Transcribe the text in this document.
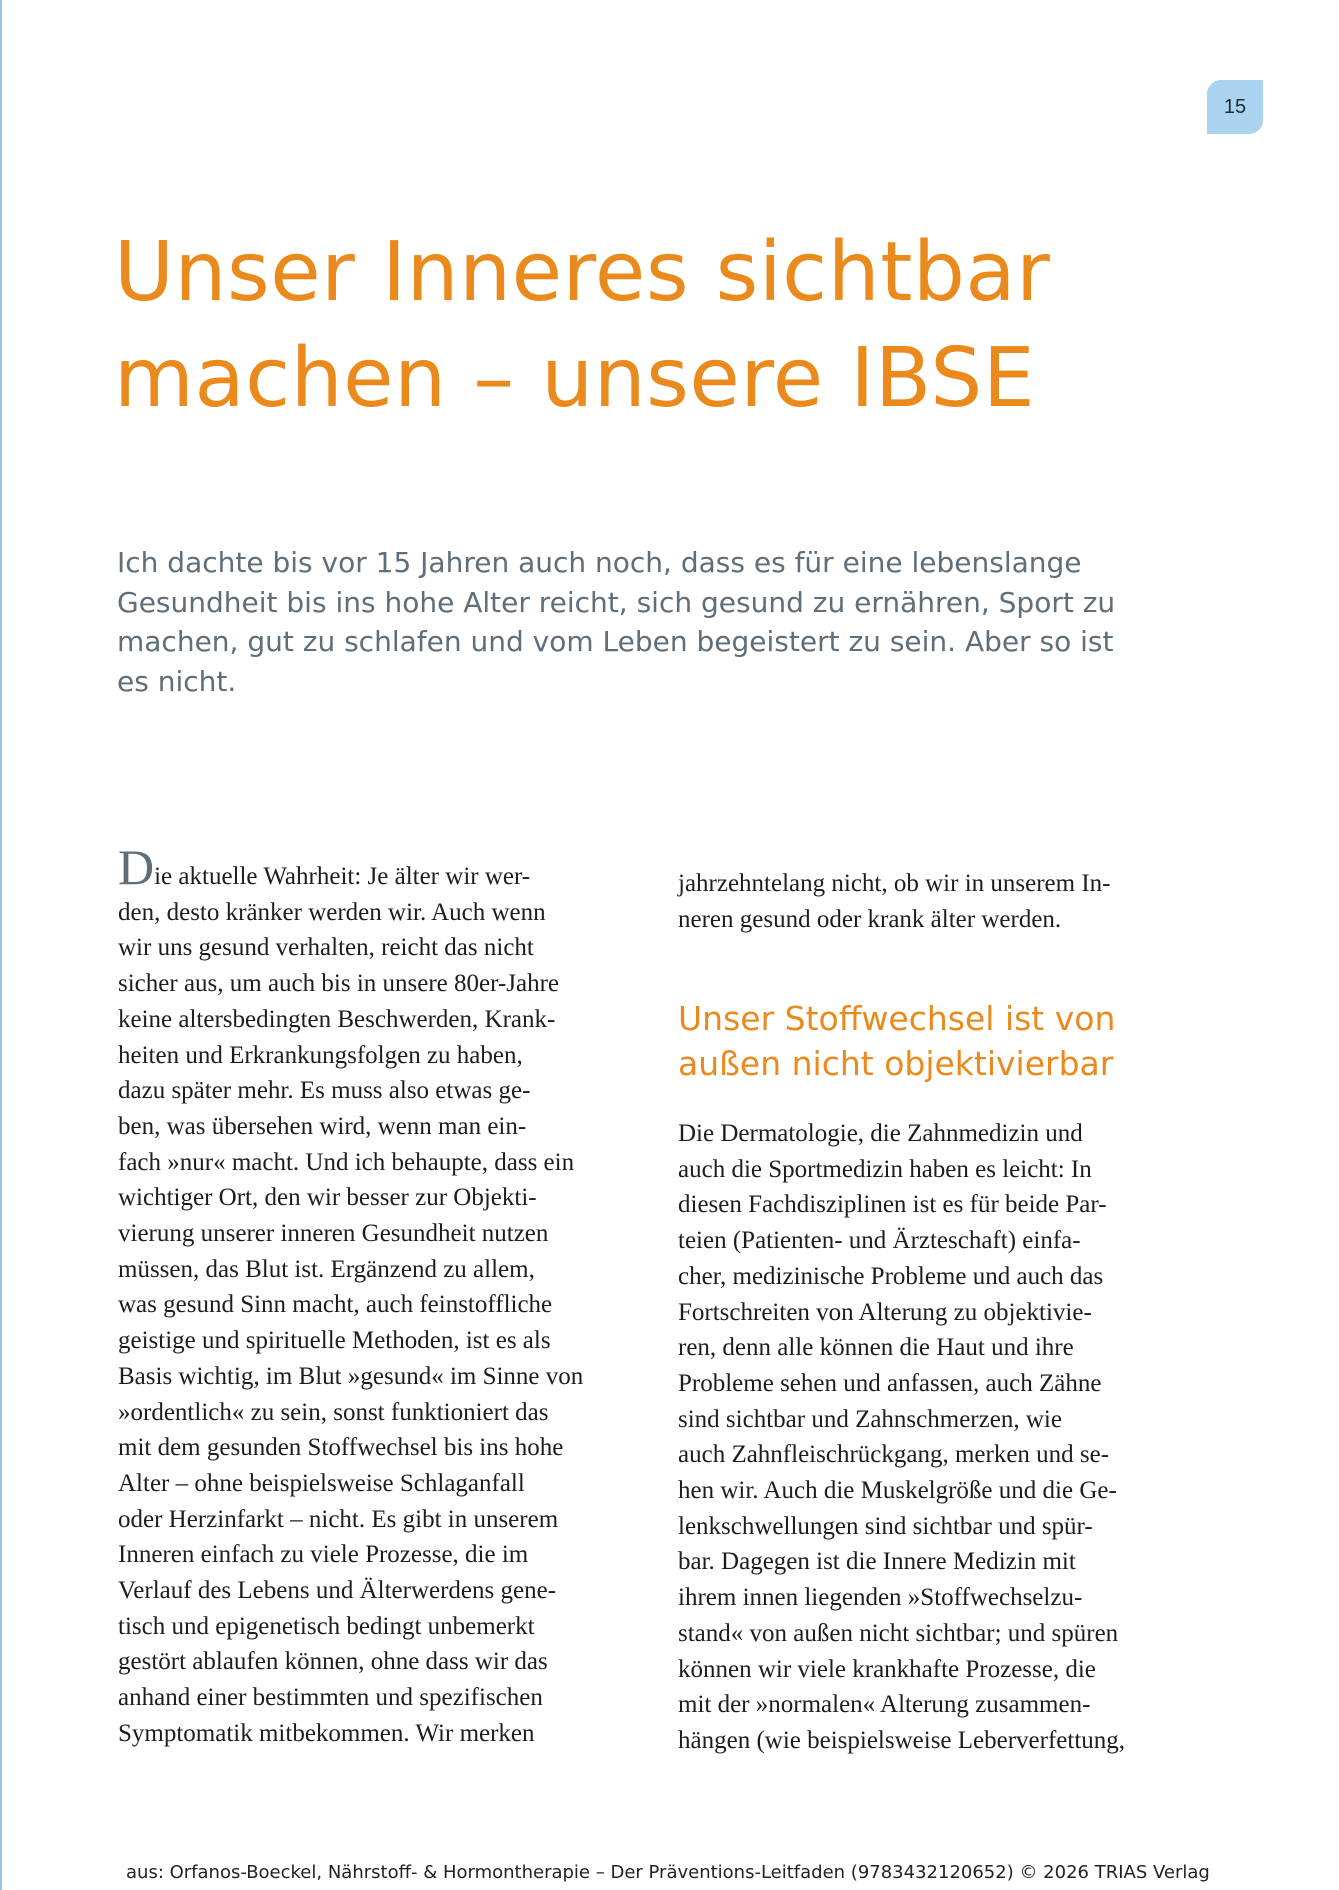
15
Unser Inneres sichtbar
machen – unsere IBSE
Ich dachte bis vor 15 Jahren auch noch, dass es für eine lebenslange
Gesundheit bis ins hohe Alter reicht, sich gesund zu ernähren, Sport zu
machen, gut zu schlafen und vom Leben begeistert zu sein. Aber so ist
es nicht.
Die aktuelle Wahrheit: Je älter wir wer-
den, desto kränker werden wir. Auch wenn
wir uns gesund verhalten, reicht das nicht
sicher aus, um auch bis in unsere 80er-Jahre
keine altersbedingten Beschwerden, Krank-
heiten und Erkrankungsfolgen zu haben,
dazu später mehr. Es muss also etwas ge-
ben, was übersehen wird, wenn man ein-
fach »nur« macht. Und ich behaupte, dass ein
wichtiger Ort, den wir besser zur Objekti-
vierung unserer inneren Gesundheit nutzen
müssen, das Blut ist. Ergänzend zu allem,
was gesund Sinn macht, auch feinstoffliche
geistige und spirituelle Methoden, ist es als
Basis wichtig, im Blut »gesund« im Sinne von
»ordentlich« zu sein, sonst funktioniert das
mit dem gesunden Stoffwechsel bis ins hohe
Alter – ohne beispielsweise Schlaganfall
oder Herzinfarkt – nicht. Es gibt in unserem
Inneren einfach zu viele Prozesse, die im
Verlauf des Lebens und Älterwerdens gene-
tisch und epigenetisch bedingt unbemerkt
gestört ablaufen können, ohne dass wir das
anhand einer bestimmten und spezifischen
Symptomatik mitbekommen. Wir merken
jahrzehntelang nicht, ob wir in unserem In-
neren gesund oder krank älter werden.
Unser Stoffwechsel ist von
außen nicht objektivierbar
Die Dermatologie, die Zahnmedizin und
auch die Sportmedizin haben es leicht: In
diesen Fachdisziplinen ist es für beide Par-
teien (Patienten- und Ärzteschaft) einfa-
cher, medizinische Probleme und auch das
Fortschreiten von Alterung zu objektivie-
ren, denn alle können die Haut und ihre
Probleme sehen und anfassen, auch Zähne
sind sichtbar und Zahnschmerzen, wie
auch Zahnfleischrückgang, merken und se-
hen wir. Auch die Muskelgröße und die Ge-
lenkschwellungen sind sichtbar und spür-
bar. Dagegen ist die Innere Medizin mit
ihrem innen liegenden »Stoffwechselzu-
stand« von außen nicht sichtbar; und spüren
können wir viele krankhafte Prozesse, die
mit der »normalen« Alterung zusammen-
hängen (wie beispielsweise Leberverfettung,
aus: Orfanos-Boeckel, Nährstoff- & Hormontherapie – Der Präventions-Leitfaden (9783432120652) © 2026 TRIAS Verlag
